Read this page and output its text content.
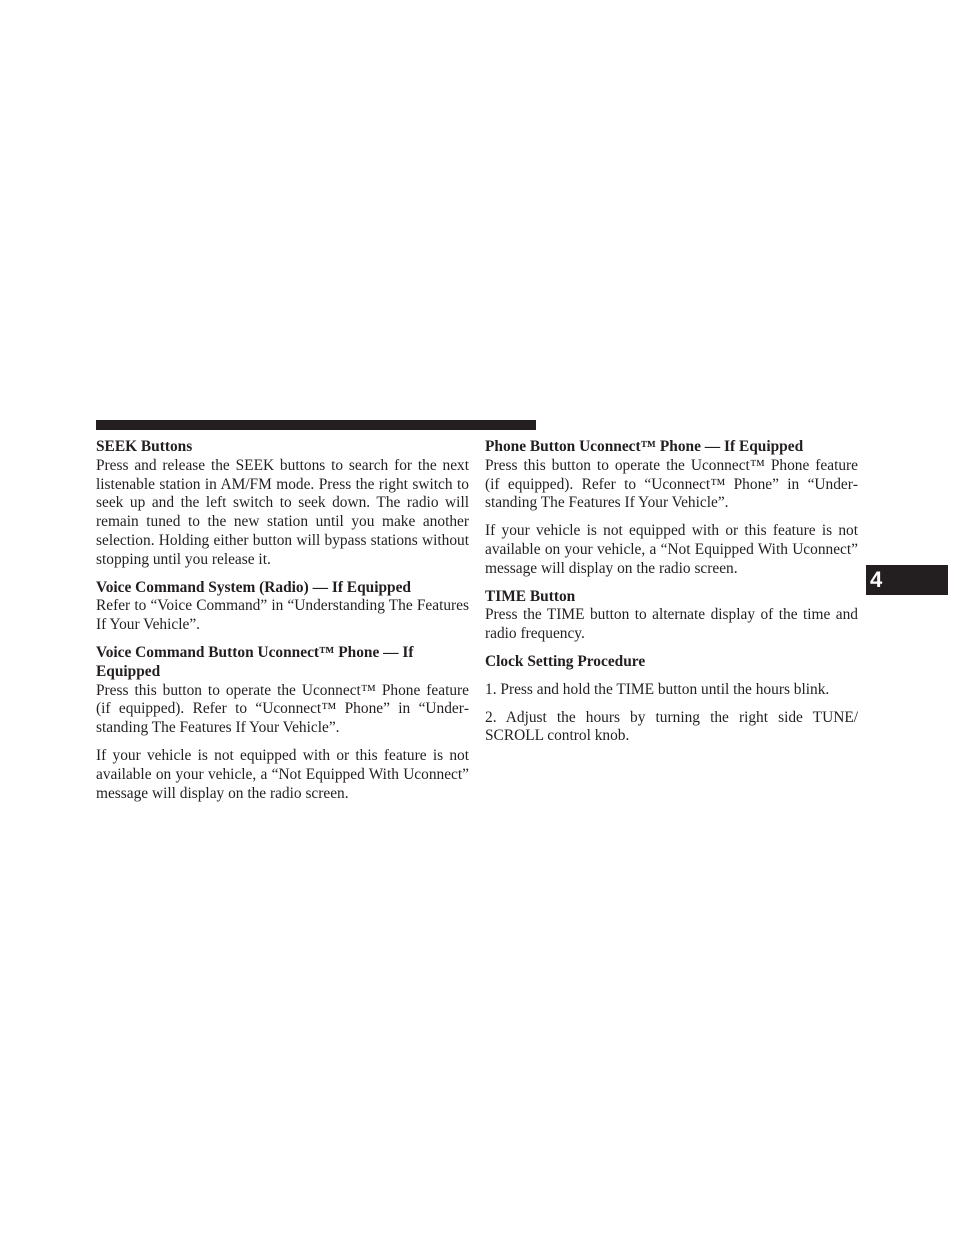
SEEK Buttons

Press and release the SEEK buttons to search for the next listenable station in AM/FM mode. Press the right switch to seek up and the left switch to seek down. The radio will remain tuned to the new station until you make another selection. Holding either button will bypass stations without stopping until you release it.

Voice Command System (Radio) — If Equipped

Refer to “Voice Command” in “Understanding The Features If Your Vehicle”.

Voice Command Button Uconnect™ Phone — If Equipped

Press this button to operate the Uconnect™ Phone feature (if equipped). Refer to “Uconnect™ Phone” in “Understanding The Features If Your Vehicle”.

If your vehicle is not equipped with or this feature is not available on your vehicle, a “Not Equipped With Uconnect” message will display on the radio screen.

Phone Button Uconnect™ Phone — If Equipped

Press this button to operate the Uconnect™ Phone feature (if equipped). Refer to “Uconnect™ Phone” in “Understanding The Features If Your Vehicle”.

If your vehicle is not equipped with or this feature is not available on your vehicle, a “Not Equipped With Uconnect” message will display on the radio screen.

TIME Button

Press the TIME button to alternate display of the time and radio frequency.

Clock Setting Procedure

1. Press and hold the TIME button until the hours blink.

2. Adjust the hours by turning the right side TUNE/ SCROLL control knob.

4
